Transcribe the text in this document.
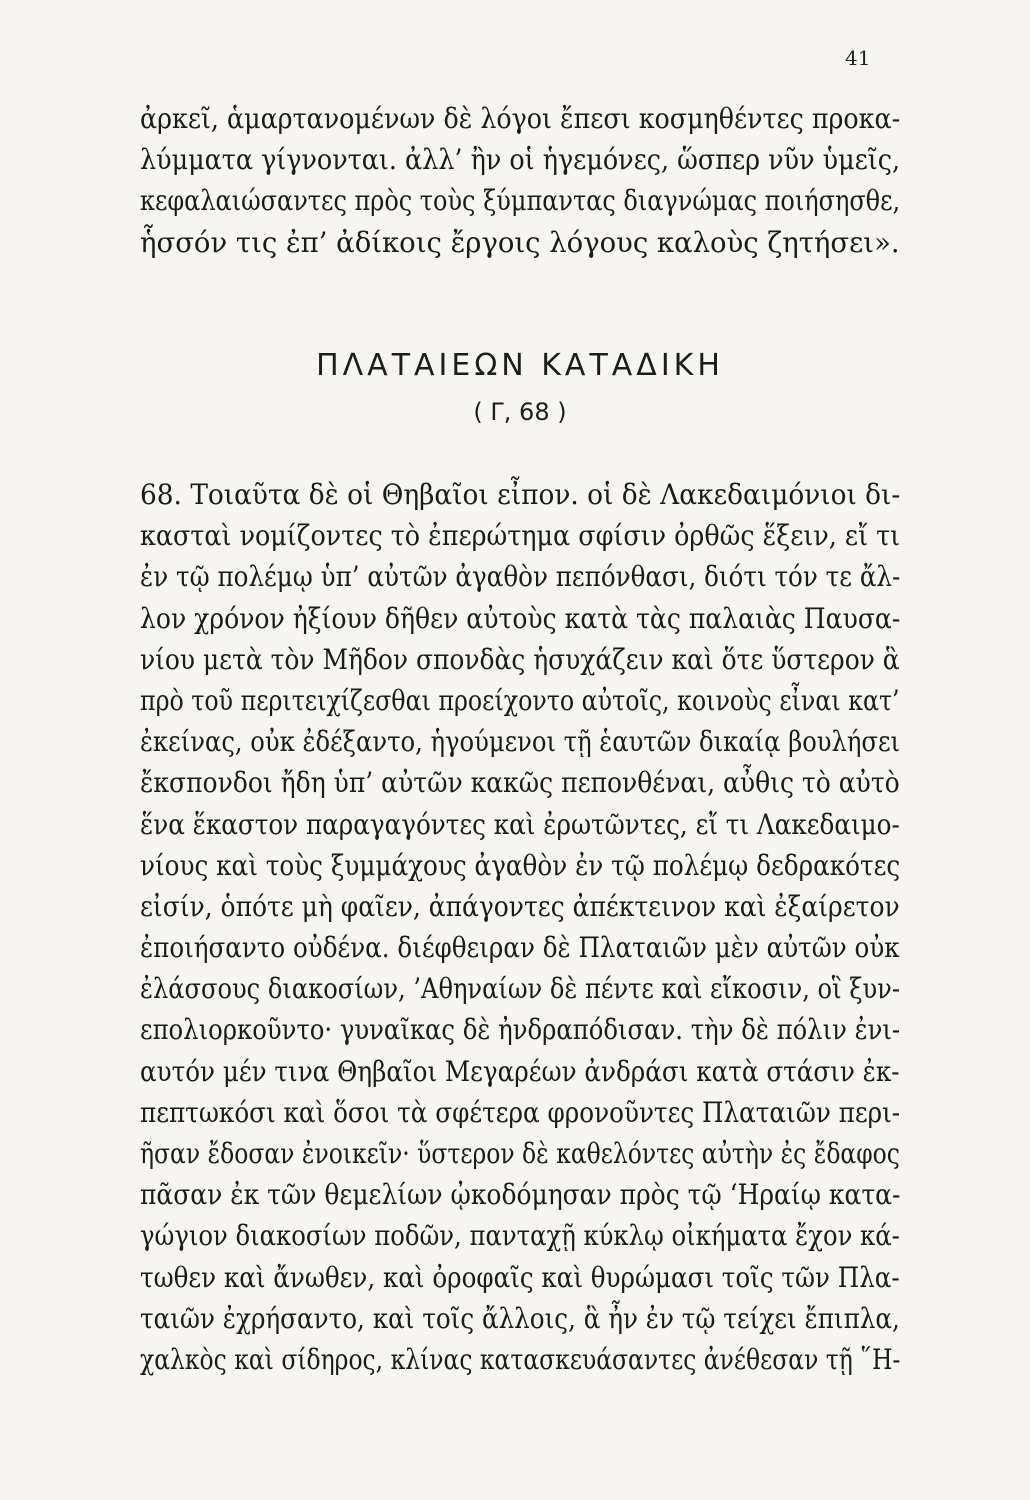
41
ἀρκεῖ, ἁμαρτανομένων δὲ λόγοι ἔπεσι κοσμηθέντες προκα-
λύμματα γίγνονται. ἀλλ’ ἢν οἱ ἡγεμόνες, ὥσπερ νῦν ὑμεῖς,
κεφαλαιώσαντες πρὸς τοὺς ξύμπαντας διαγνώμας ποιήσησθε,
ἧσσόν τις ἐπ’ ἀδίκοις ἔργοις λόγους καλοὺς ζητήσει».
ΠΛΑΤΑΙΕΩΝ ΚΑΤΑΔΙΚΗ
( Γ, 68 )
68. Τοιαῦτα δὲ οἱ Θηβαῖοι εἶπον. οἱ δὲ Λακεδαιμόνιοι δι-
κασταὶ νομίζοντες τὸ ἐπερώτημα σφίσιν ὀρθῶς ἕξειν, εἴ τι
ἐν τῷ πολέμῳ ὑπ’ αὐτῶν ἀγαθὸν πεπόνθασι, διότι τόν τε ἄλ-
λον χρόνον ἠξίουν δῆθεν αὐτοὺς κατὰ τὰς παλαιὰς Παυσα-
νίου μετὰ τὸν Μῆδον σπονδὰς ἡσυχάζειν καὶ ὅτε ὕστερον ἃ
πρὸ τοῦ περιτειχίζεσθαι προείχοντο αὐτοῖς, κοινοὺς εἶναι κατ’
ἐκείνας, οὐκ ἐδέξαντο, ἡγούμενοι τῇ ἑαυτῶν δικαίᾳ βουλήσει
ἔκσπονδοι ἤδη ὑπ’ αὐτῶν κακῶς πεπονθέναι, αὖθις τὸ αὐτὸ
ἕνα ἕκαστον παραγαγόντες καὶ ἐρωτῶντες, εἴ τι Λακεδαιμο-
νίους καὶ τοὺς ξυμμάχους ἀγαθὸν ἐν τῷ πολέμῳ δεδρακότες
εἰσίν, ὁπότε μὴ φαῖεν, ἀπάγοντες ἀπέκτεινον καὶ ἐξαίρετον
ἐποιήσαντο οὐδένα. διέφθειραν δὲ Πλαταιῶν μὲν αὐτῶν οὐκ
ἐλάσσους διακοσίων, ’Αθηναίων δὲ πέντε καὶ εἴκοσιν, οἳ ξυν-
επολιορκοῦντο· γυναῖκας δὲ ἠνδραπόδισαν. τὴν δὲ πόλιν ἐνι-
αυτόν μέν τινα Θηβαῖοι Μεγαρέων ἀνδράσι κατὰ στάσιν ἐκ-
πεπτωκόσι καὶ ὅσοι τὰ σφέτερα φρονοῦντες Πλαταιῶν περι-
ῆσαν ἔδοσαν ἐνοικεῖν· ὕστερον δὲ καθελόντες αὐτὴν ἐς ἔδαφος
πᾶσαν ἐκ τῶν θεμελίων ᾠκοδόμησαν πρὸς τῷ ‘Ηραίῳ κατα-
γώγιον διακοσίων ποδῶν, πανταχῇ κύκλῳ οἰκήματα ἔχον κά-
τωθεν καὶ ἄνωθεν, καὶ ὀροφαῖς καὶ θυρώμασι τοῖς τῶν Πλα-
ταιῶν ἐχρήσαντο, καὶ τοῖς ἄλλοις, ἃ ἦν ἐν τῷ τείχει ἔπιπλα,
χαλκὸς καὶ σίδηρος, κλίνας κατασκευάσαντες ἀνέθεσαν τῇ ῞Η-
